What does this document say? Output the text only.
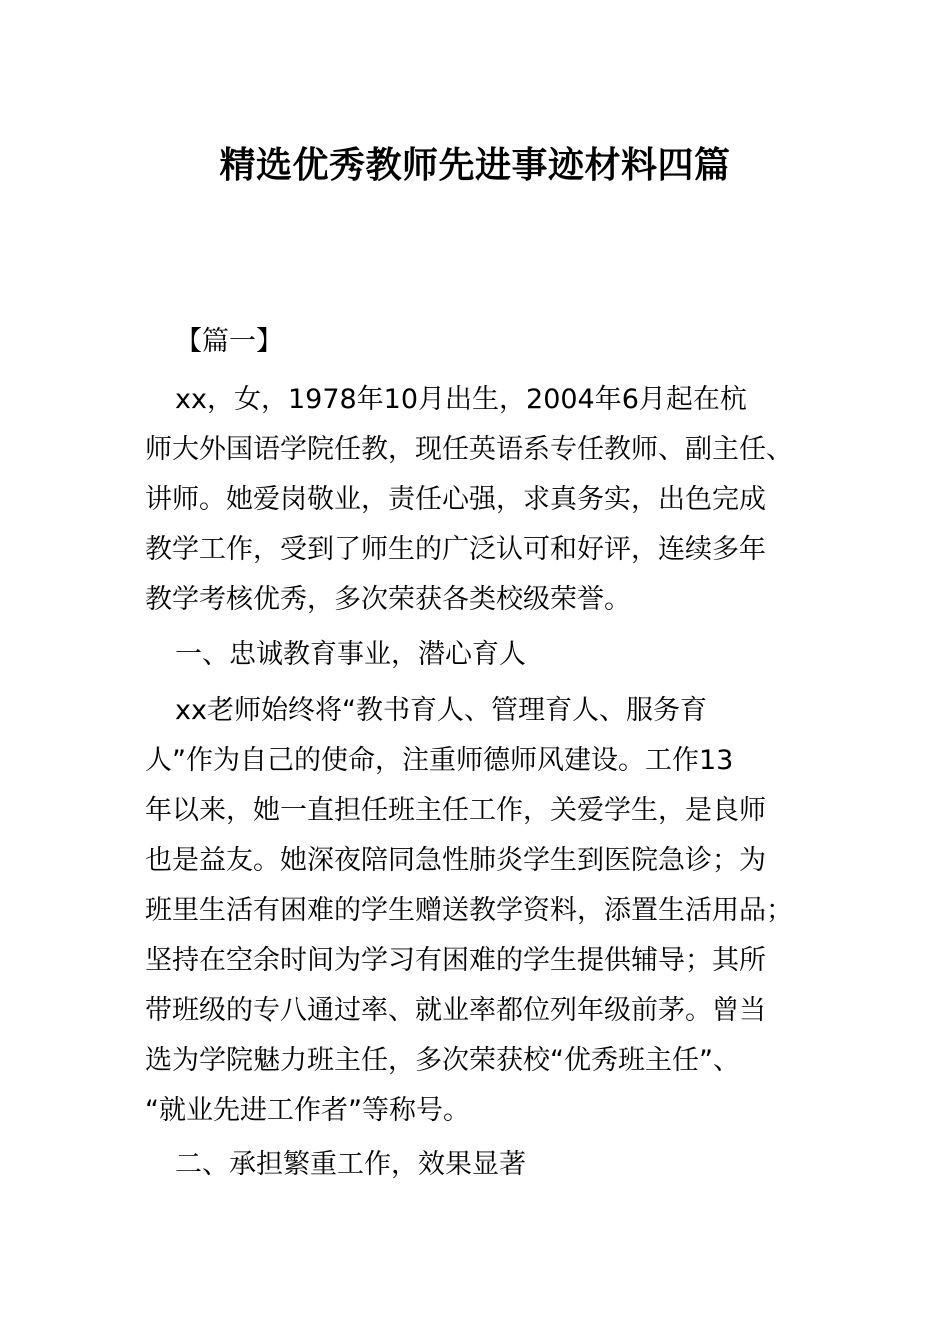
精选优秀教师先进事迹材料四篇
【篇一】
xx，女，1978年10月出生，2004年6月起在杭
师大外国语学院任教，现任英语系专任教师、副主任、
讲师。她爱岗敬业，责任心强，求真务实，出色完成
教学工作，受到了师生的广泛认可和好评，连续多年
教学考核优秀，多次荣获各类校级荣誉。
一、忠诚教育事业，潜心育人
xx老师始终将“教书育人、管理育人、服务育
人”作为自己的使命，注重师德师风建设。工作13
年以来，她一直担任班主任工作，关爱学生，是良师
也是益友。她深夜陪同急性肺炎学生到医院急诊；为
班里生活有困难的学生赠送教学资料，添置生活用品；
坚持在空余时间为学习有困难的学生提供辅导；其所
带班级的专八通过率、就业率都位列年级前茅。曾当
选为学院魅力班主任，多次荣获校“优秀班主任”、
“就业先进工作者”等称号。
二、承担繁重工作，效果显著
